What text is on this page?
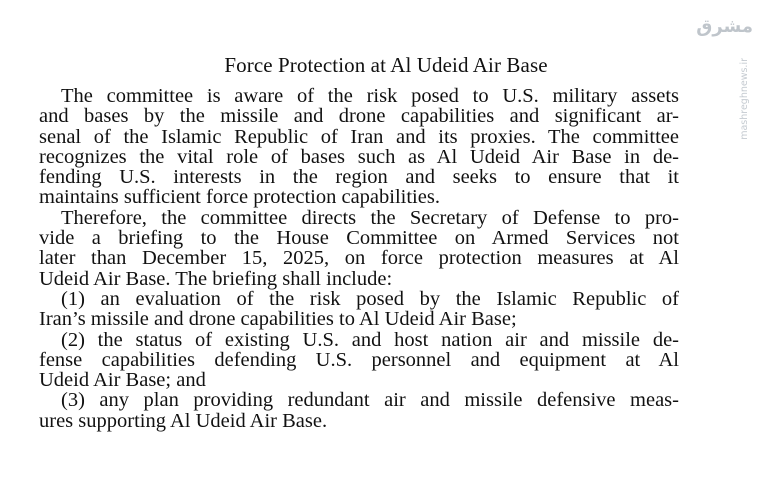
Force Protection at Al Udeid Air Base
The committee is aware of the risk posed to U.S. military assets
and bases by the missile and drone capabilities and significant ar-
senal of the Islamic Republic of Iran and its proxies. The committee
recognizes the vital role of bases such as Al Udeid Air Base in de-
fending U.S. interests in the region and seeks to ensure that it
maintains sufficient force protection capabilities.
Therefore, the committee directs the Secretary of Defense to pro-
vide a briefing to the House Committee on Armed Services not
later than December 15, 2025, on force protection measures at Al
Udeid Air Base. The briefing shall include:
(1) an evaluation of the risk posed by the Islamic Republic of
Iran’s missile and drone capabilities to Al Udeid Air Base;
(2) the status of existing U.S. and host nation air and missile de-
fense capabilities defending U.S. personnel and equipment at Al
Udeid Air Base; and
(3) any plan providing redundant air and missile defensive meas-
ures supporting Al Udeid Air Base.
مشرق
mashreghnews.ir
